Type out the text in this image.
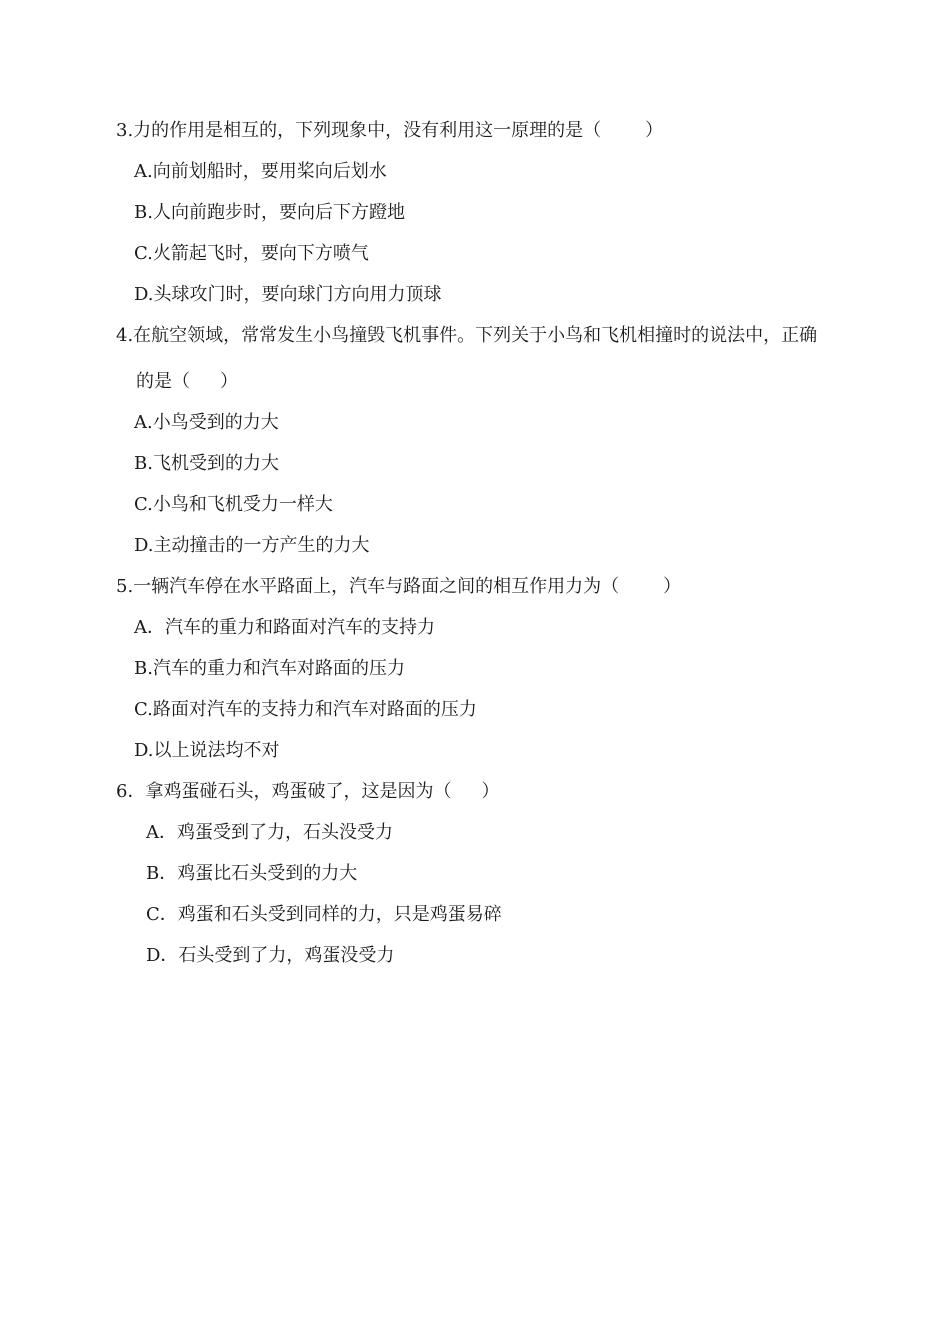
3.力的作用是相互的，下列现象中，没有利用这一原理的是（ ）
A.向前划船时，要用桨向后划水
B.人向前跑步时，要向后下方蹬地
C.火箭起飞时，要向下方喷气
D.头球攻门时，要向球门方向用力顶球
4.在航空领域，常常发生小鸟撞毁飞机事件。下列关于小鸟和飞机相撞时的说法中，正确
的是（ ）
A.小鸟受到的力大
B.飞机受到的力大
C.小鸟和飞机受力一样大
D.主动撞击的一方产生的力大
5.一辆汽车停在水平路面上，汽车与路面之间的相互作用力为（ ）
A．汽车的重力和路面对汽车的支持力
B.汽车的重力和汽车对路面的压力
C.路面对汽车的支持力和汽车对路面的压力
D.以上说法均不对
6．拿鸡蛋碰石头，鸡蛋破了，这是因为（ ）
A．鸡蛋受到了力，石头没受力
B．鸡蛋比石头受到的力大
C．鸡蛋和石头受到同样的力，只是鸡蛋易碎
D．石头受到了力，鸡蛋没受力
